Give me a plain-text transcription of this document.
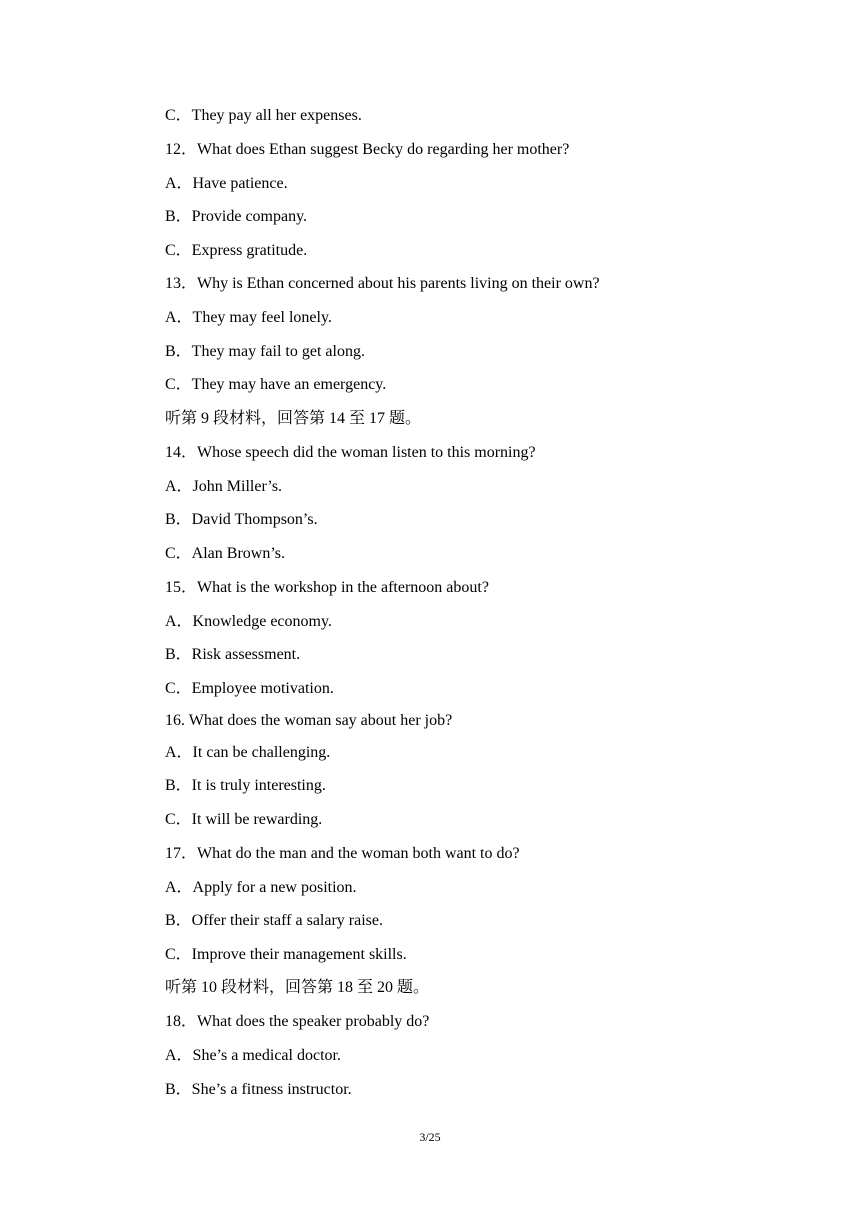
C．They pay all her expenses.
12．What does Ethan suggest Becky do regarding her mother?
A．Have patience.
B．Provide company.
C．Express gratitude.
13．Why is Ethan concerned about his parents living on their own?
A．They may feel lonely.
B．They may fail to get along.
C．They may have an emergency.
听第 9 段材料，回答第 14 至 17 题。
14．Whose speech did the woman listen to this morning?
A．John Miller’s.
B．David Thompson’s.
C．Alan Brown’s.
15．What is the workshop in the afternoon about?
A．Knowledge economy.
B．Risk assessment.
C．Employee motivation.
16. What does the woman say about her job?
A．It can be challenging.
B．It is truly interesting.
C．It will be rewarding.
17．What do the man and the woman both want to do?
A．Apply for a new position.
B．Offer their staff a salary raise.
C．Improve their management skills.
听第 10 段材料，回答第 18 至 20 题。
18．What does the speaker probably do?
A．She’s a medical doctor.
B．She’s a fitness instructor.
3/25
